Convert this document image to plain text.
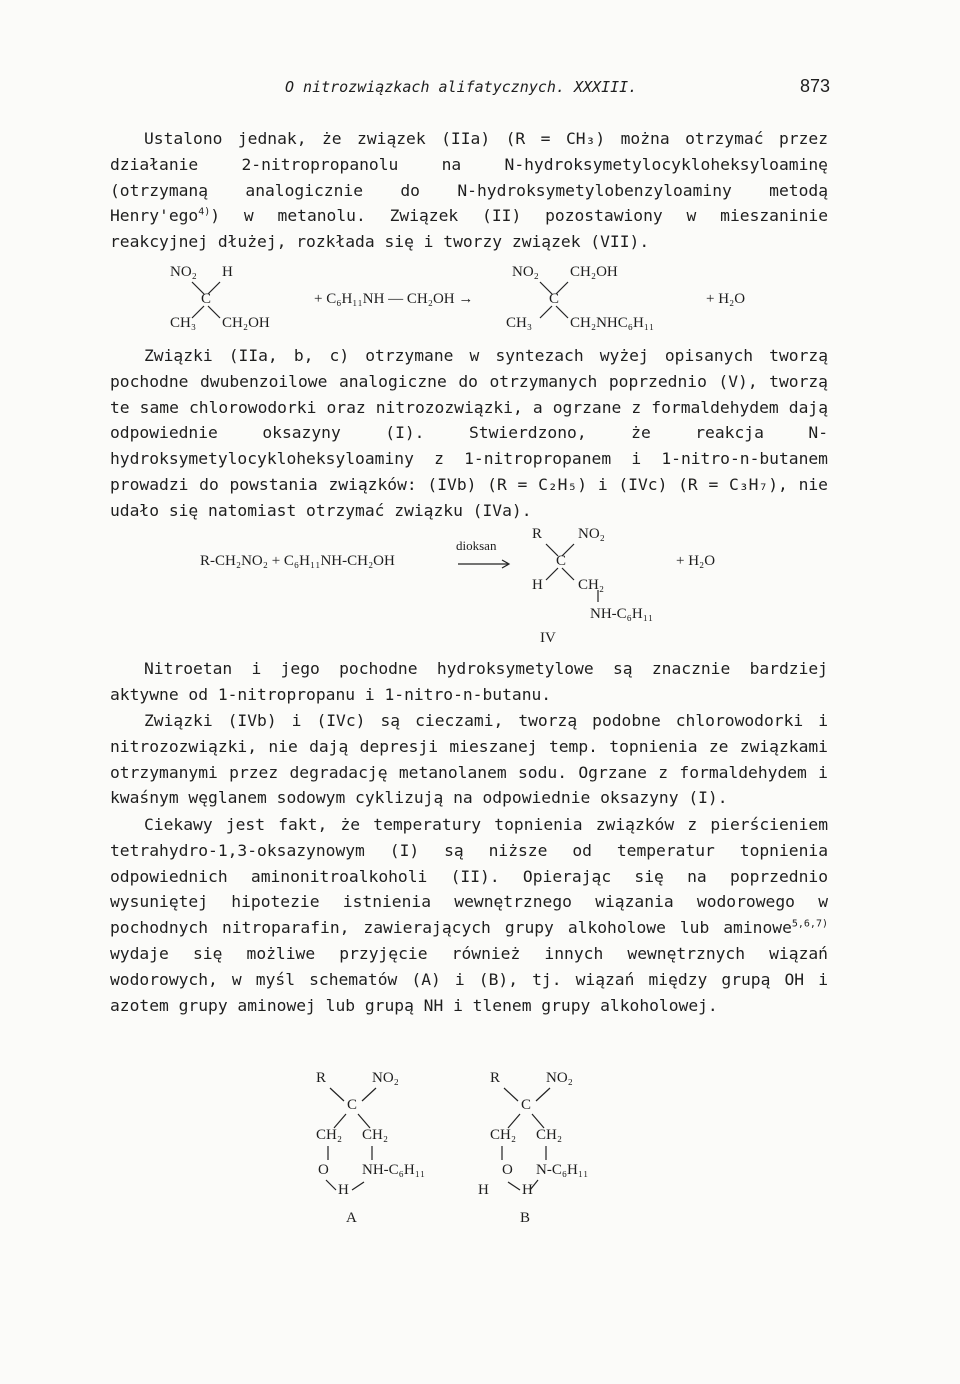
O nitrozwiązkach alifatycznych. XXXIII.	873

Ustalono jednak, że związek (IIa) (R = CH₃) można otrzymać przez działanie 2-nitropropanolu na N-hydroksymetylocykloheksyloaminę (otrzymaną analogicznie do N-hydroksymetylobenzyloaminy metodą Henry'ego$^{4)}$) w metanolu. Związek (II) pozostawiony w mieszaninie reakcyjnej dłużej, rozkłada się i tworzy związek (VII).

NO₂ H
C
CH₃ CH₂OH
+ C₆H₁₁NH — CH₂OH →
NO₂ CH₂OH
C
CH₃	CH₂NHC₆H₁₁
+ H₂O

Związki (IIa, b, c) otrzymane w syntezach wyżej opisanych tworzą pochodne dwubenzoilowe analogiczne do otrzymanych poprzednio (V), tworzą te same chlorowodorki oraz nitrozozwiązki, a ogrzane z formaldehydem dają odpowiednie oksazyny (I). Stwierdzono, że reakcja N-hydroksymetylocykloheksyloaminy z 1-nitropropanem i 1-nitro-n-butanem prowadzi do powstania związków: (IVb) (R = C₂H₅) i (IVc) (R = C₃H₇), nie udało się natomiast otrzymać związku (IVa).

R-CH₂NO₂ + C₆H₁₁NH-CH₂OH
dioksan
R NO₂
C
H CH₂
NH-C₆H₁₁
+ H₂O
IV

Nitroetan i jego pochodne hydroksymetylowe są znacznie bardziej aktywne od 1-nitropropanu i 1-nitro-n-butanu.

Związki (IVb) i (IVc) są cieczami, tworzą podobne chlorowodorki i nitrozozwiązki, nie dają depresji mieszanej temp. topnienia ze związkami otrzymanymi przez degradację metanolanem sodu. Ogrzane z formaldehydem i kwaśnym węglanem sodowym cyklizują na odpowiednie oksazyny (I).

Ciekawy jest fakt, że temperatury topnienia związków z pierścieniem tetrahydro-1,3-oksazynowym (I) są niższe od temperatur topnienia odpowiednich aminonitroalkoholi (II). Opierając się na poprzednio wysuniętej hipotezie istnienia wewnętrznego wiązania wodorowego w pochodnych nitroparafin, zawierających grupy alkoholowe lub aminowe$^{5,6,7)}$ wydaje się możliwe przyjęcie również innych wewnętrznych wiązań wodorowych, w myśl schematów (A) i (B), tj. wiązań między grupą OH i azotem grupy aminowej lub grupą NH i tlenem grupy alkoholowej.

R	NO₂
C
CH₂ CH₂
O NH-C₆H₁₁
H
A
R	NO₂
C
CH₂ CH₂
O N-C₆H₁₁
H H
B
